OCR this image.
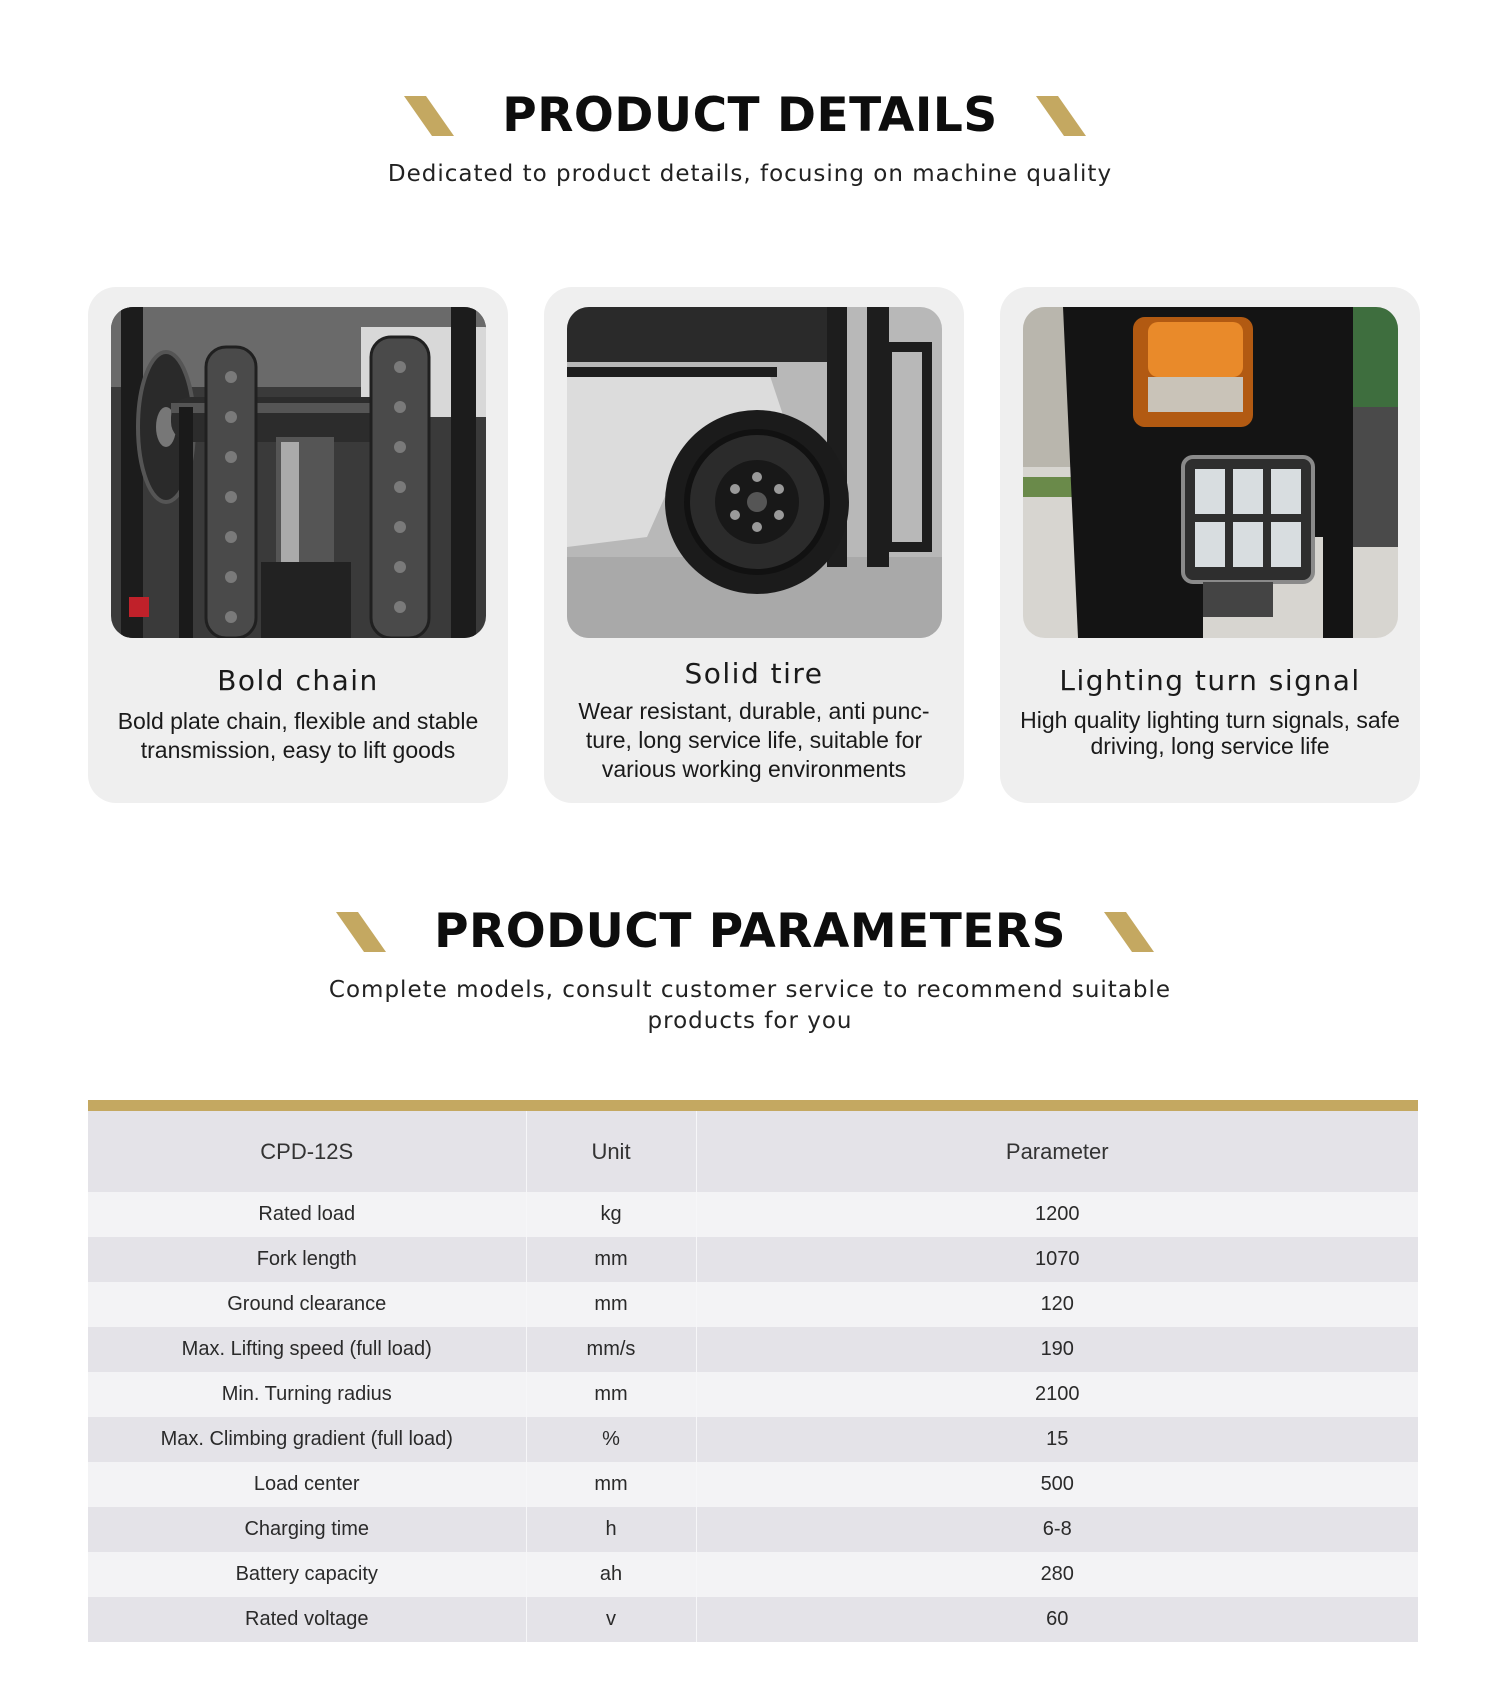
PRODUCT DETAILS
Dedicated to product details, focusing on machine quality
Bold chain
Bold plate chain, flexible and stable transmission, easy to lift goods
Solid tire
Wear resistant, durable, anti punc-ture, long service life, suitable for various working environments
Lighting turn signal
High quality lighting turn signals, safe driving, long service life
PRODUCT PARAMETERS
Complete models, consult customer service to recommend suitable products for you
CPD-12S	Unit	Parameter
Rated load	kg	1200
Fork length	mm	1070
Ground clearance	mm	120
Max. Lifting speed (full load)	mm/s	190
Min. Turning radius	mm	2100
Max. Climbing gradient (full load)	%	15
Load center	mm	500
Charging time	h	6-8
Battery capacity	ah	280
Rated voltage	v	60
